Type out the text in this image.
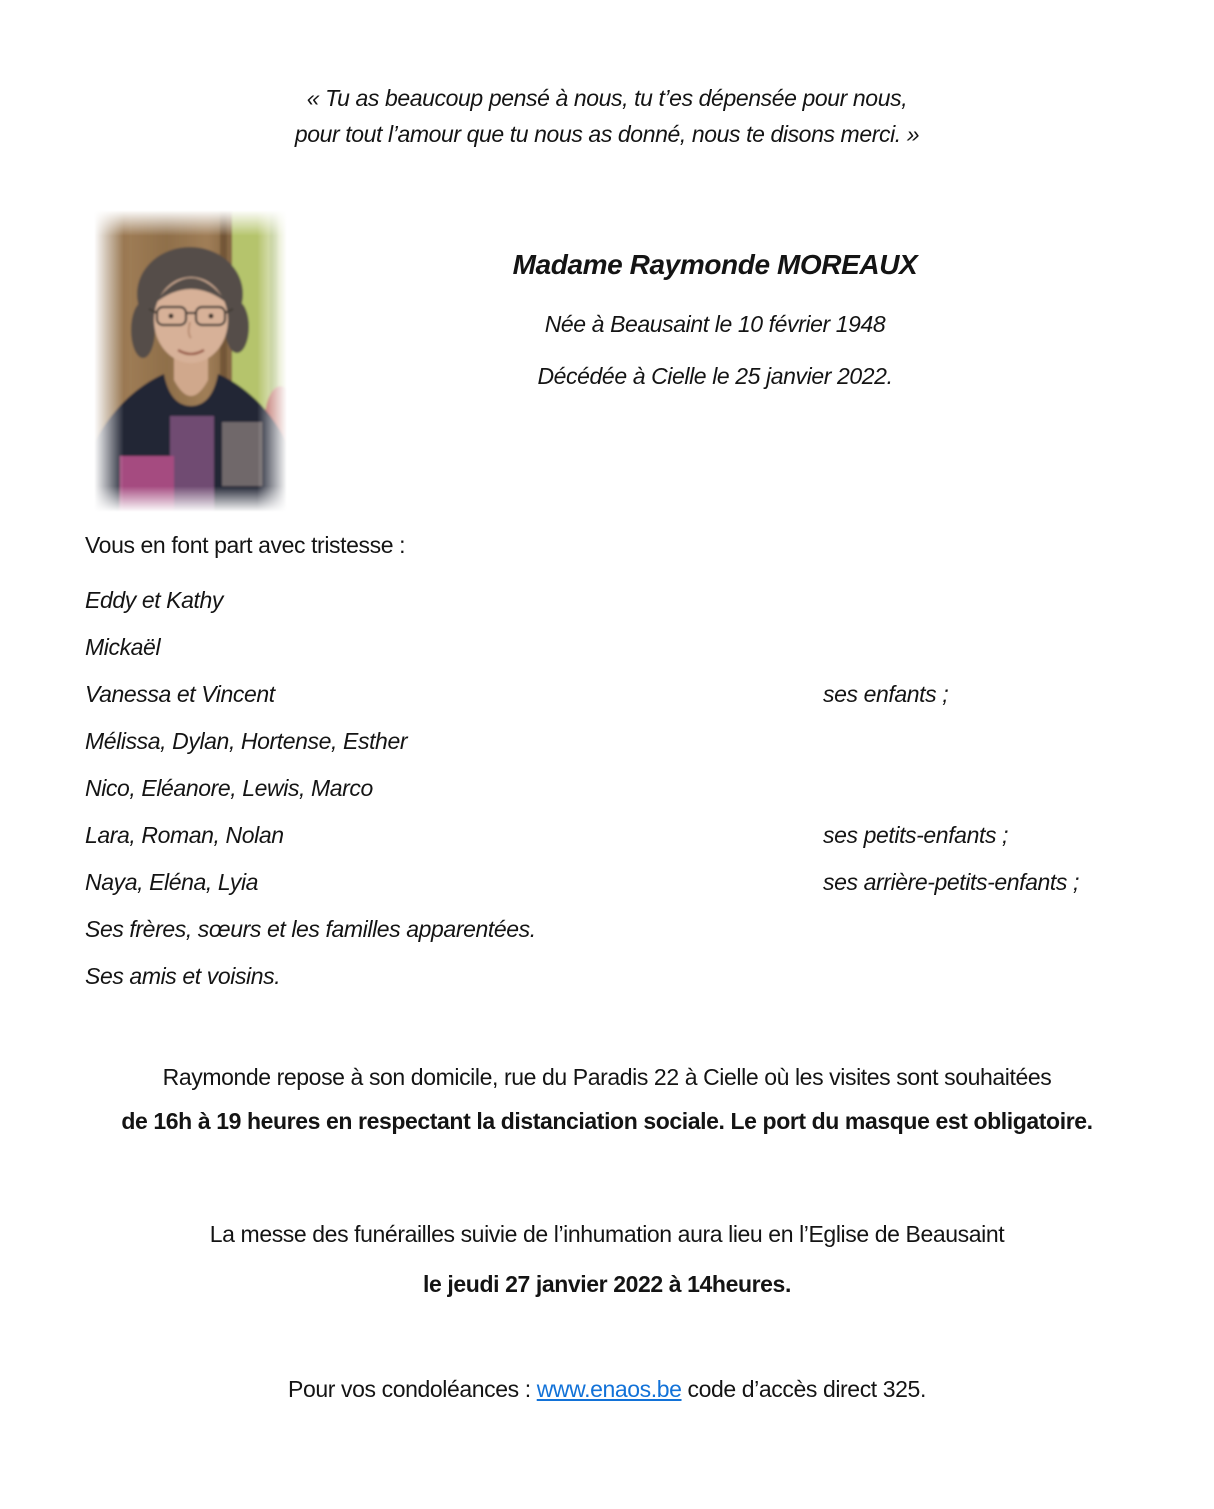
« Tu as beaucoup pensé à nous, tu t’es dépensée pour nous,
pour tout l’amour que tu nous as donné, nous te disons merci. »

Madame Raymonde MOREAUX

Née à Beausaint le 10 février 1948

Décédée à Cielle le 25 janvier 2022.

Vous en font part avec tristesse :

Eddy et Kathy
Mickaël
Vanessa et Vincent	ses enfants ;
Mélissa, Dylan, Hortense, Esther
Nico, Eléanore, Lewis, Marco
Lara, Roman, Nolan	ses petits-enfants ;
Naya, Eléna, Lyia	ses arrière-petits-enfants ;
Ses frères, sœurs et les familles apparentées.
Ses amis et voisins.

Raymonde repose à son domicile, rue du Paradis 22 à Cielle où les visites sont souhaitées

de 16h à 19 heures en respectant la distanciation sociale. Le port du masque est obligatoire.

La messe des funérailles suivie de l’inhumation aura lieu en l’Eglise de Beausaint

le jeudi 27 janvier 2022 à 14heures.

Pour vos condoléances : www.enaos.be code d’accès direct 325.
